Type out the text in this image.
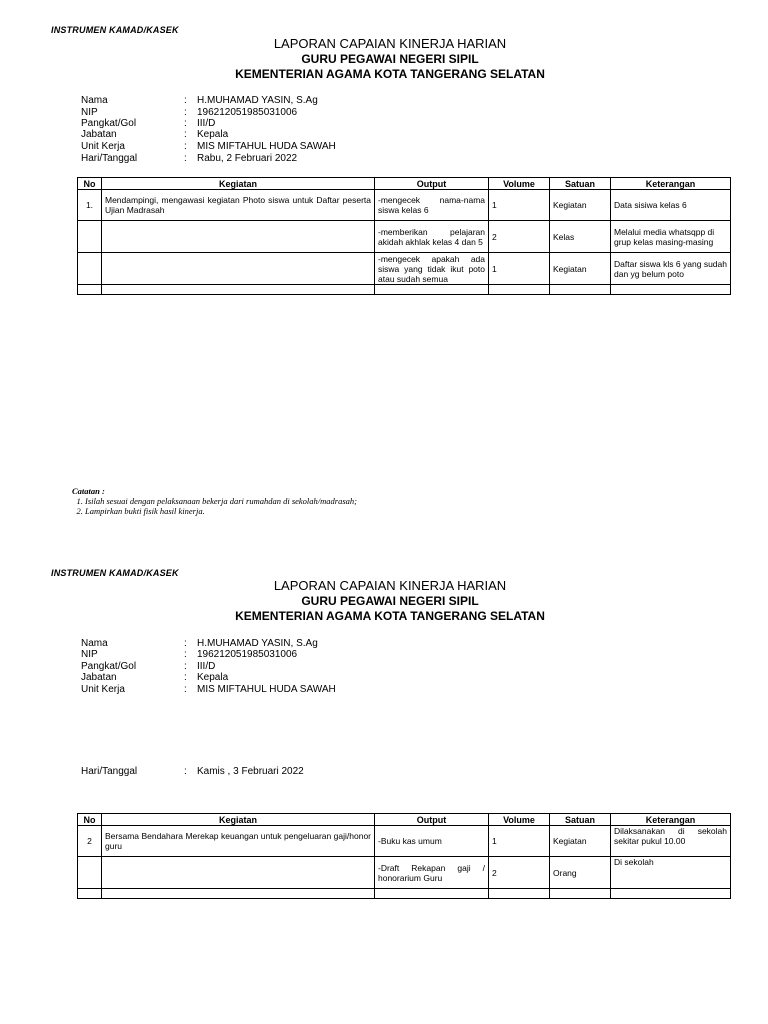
INSTRUMEN KAMAD/KASEK
LAPORAN CAPAIAN KINERJA HARIAN
GURU PEGAWAI NEGERI SIPIL
KEMENTERIAN AGAMA KOTA TANGERANG SELATAN
Nama	: H.MUHAMAD YASIN, S.Ag
NIP	: 196212051985031006
Pangkat/Gol	: III/D
Jabatan	: Kepala
Unit Kerja	: MIS MIFTAHUL HUDA SAWAH
Hari/Tanggal	: Rabu, 2 Februari 2022
No	Kegiatan	Output	Volume	Satuan	Keterangan
1.	Mendampingi, mengawasi kegiatan Photo siswa untuk Daftar peserta Ujian Madrasah	-mengecek nama-nama siswa kelas 6	1	Kegiatan	Data sisiwa kelas 6
		-memberikan pelajaran akidah akhlak kelas 4 dan 5	2	Kelas	Melalui media whatsqpp di grup kelas masing-masing
		-mengecek apakah ada siswa yang tidak ikut poto atau sudah semua	1	Kegiatan	Daftar siswa kls 6 yang sudah dan yg belum poto

Catatan :
1. Isilah sesuai dengan pelaksanaan bekerja dari rumahdan di sekolah/madrasah;
2. Lampirkan bukti fisik hasil kinerja.
INSTRUMEN KAMAD/KASEK
LAPORAN CAPAIAN KINERJA HARIAN
GURU PEGAWAI NEGERI SIPIL
KEMENTERIAN AGAMA KOTA TANGERANG SELATAN
Nama	: H.MUHAMAD YASIN, S.Ag
NIP	: 196212051985031006
Pangkat/Gol	: III/D
Jabatan	: Kepala
Unit Kerja	: MIS MIFTAHUL HUDA SAWAH
Hari/Tanggal	: Kamis , 3 Februari 2022
No	Kegiatan	Output	Volume	Satuan	Keterangan
2	Bersama Bendahara Merekap keuangan untuk pengeluaran gaji/honor guru	-Buku kas umum	1	Kegiatan	Dilaksanakan di sekolah sekitar pukul 10.00
		-Draft Rekapan gaji / honorarium Guru	2	Orang	Di sekolah
